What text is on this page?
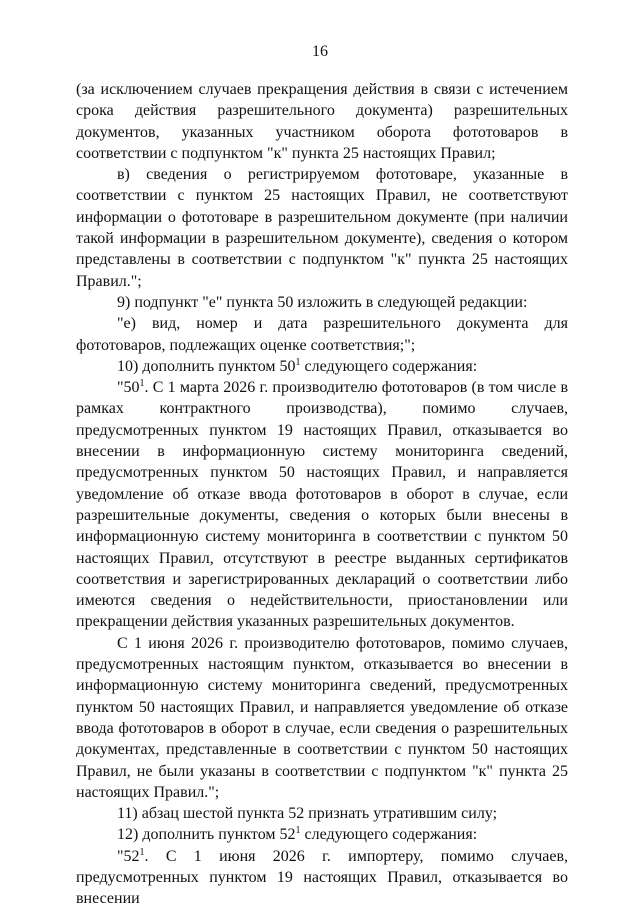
16

(за исключением случаев прекращения действия в связи с истечением срока действия разрешительного документа) разрешительных документов, указанных участником оборота фототоваров в соответствии с подпунктом "к" пункта 25 настоящих Правил;

в) сведения о регистрируемом фототоваре, указанные в соответствии с пунктом 25 настоящих Правил, не соответствуют информации о фототоваре в разрешительном документе (при наличии такой информации в разрешительном документе), сведения о котором представлены в соответствии с подпунктом "к" пункта 25 настоящих Правил.";

9) подпункт "е" пункта 50 изложить в следующей редакции:

"е) вид, номер и дата разрешительного документа для фототоваров, подлежащих оценке соответствия;";

10) дополнить пунктом $50^1$ следующего содержания:

"$50^1$. С 1 марта 2026 г. производителю фототоваров (в том числе в рамках контрактного производства), помимо случаев, предусмотренных пунктом 19 настоящих Правил, отказывается во внесении в информационную систему мониторинга сведений, предусмотренных пунктом 50 настоящих Правил, и направляется уведомление об отказе ввода фототоваров в оборот в случае, если разрешительные документы, сведения о которых были внесены в информационную систему мониторинга в соответствии с пунктом 50 настоящих Правил, отсутствуют в реестре выданных сертификатов соответствия и зарегистрированных деклараций о соответствии либо имеются сведения о недействительности, приостановлении или прекращении действия указанных разрешительных документов.

С 1 июня 2026 г. производителю фототоваров, помимо случаев, предусмотренных настоящим пунктом, отказывается во внесении в информационную систему мониторинга сведений, предусмотренных пунктом 50 настоящих Правил, и направляется уведомление об отказе ввода фототоваров в оборот в случае, если сведения о разрешительных документах, представленные в соответствии с пунктом 50 настоящих Правил, не были указаны в соответствии с подпунктом "к" пункта 25 настоящих Правил.";

11) абзац шестой пункта 52 признать утратившим силу;

12) дополнить пунктом $52^1$ следующего содержания:

"$52^1$. С 1 июня 2026 г. импортеру, помимо случаев, предусмотренных пунктом 19 настоящих Правил, отказывается во внесении
